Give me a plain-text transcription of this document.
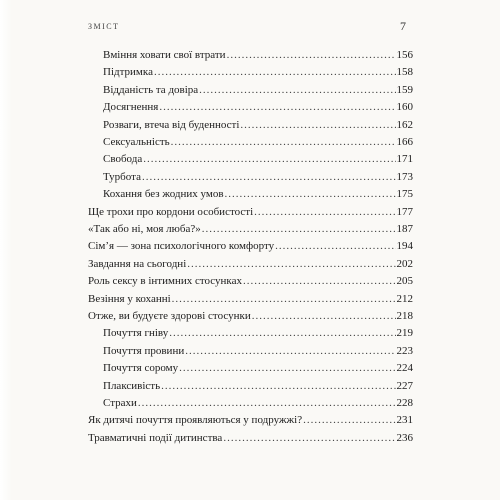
ЗМІСТ	7
Вміння ховати свої втрати .....	156
Підтримка .....	158
Відданість та довіра .....	159
Досягнення .....	160
Розваги, втеча від буденності .....	162
Сексуальність .....	166
Свобода .....	171
Турбота .....	173
Кохання без жодних умов .....	175
Ще трохи про кордони особистості .....	177
«Так або ні, моя люба?» .....	187
Сім’я — зона психологічного комфорту .....	194
Завдання на сьогодні .....	202
Роль сексу в інтимних стосунках .....	205
Везіння у коханні .....	212
Отже, ви будуєте здорові стосунки .....	218
Почуття гніву .....	219
Почуття провини .....	223
Почуття сорому .....	224
Плаксивість .....	227
Страхи .....	228
Як дитячі почуття проявляються у подружжі? .....	231
Травматичні події дитинства .....	236
